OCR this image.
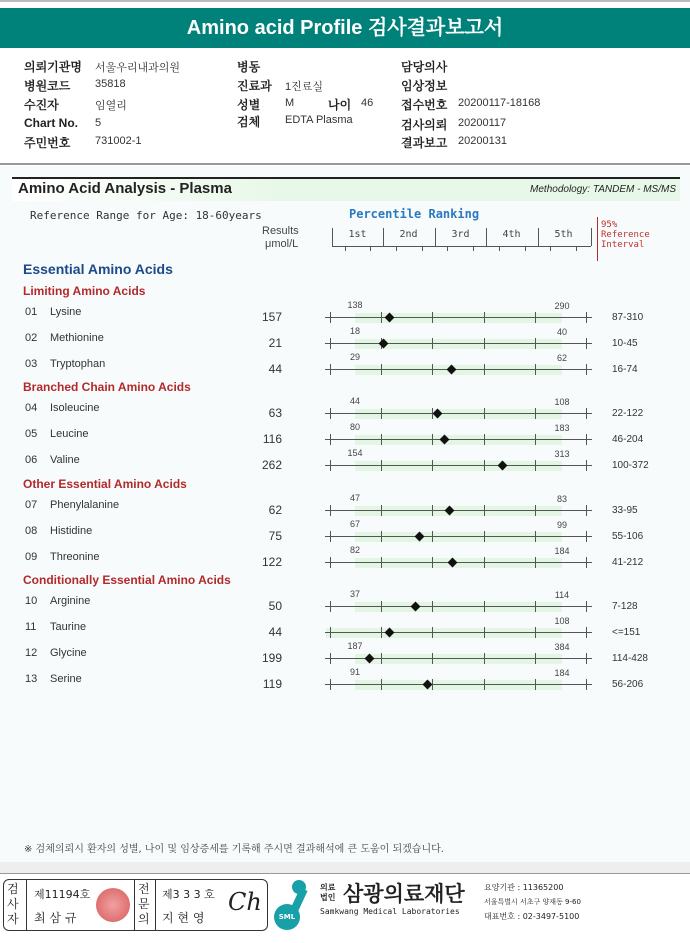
Amino acid Profile 검사결과보고서
의뢰기관명 서울우리내과의원
병원코드 35818
수진자	임열리
Chart No. 5
주민번호 731002-1
병동
진료과 1진료실
성별 M
검체 EDTA Plasma
담당의사
임상정보
접수번호 20200117-18168
검사의뢰 20200117
결과보고 20200131
나이 46
Amino Acid Analysis - Plasma	Methodology: TANDEM - MS/MS
Reference Range for Age: 18-60years	Percentile Ranking
Results
μmol/L
1st	2nd	3rd	4th	5th
95%
Reference
Interval
Essential Amino Acids
Limiting Amino Acids
01 Lysine	157
138	290
87-310
02 Methionine	21
18	40
10-45
03 Tryptophan	44
29	62
16-74
Branched Chain Amino Acids
04 Isoleucine	63
44	108
22-122
05 Leucine	116
80	183
46-204
06 Valine	262
154	313
100-372
Other Essential Amino Acids
07 Phenylalanine	62
47	83
33-95
08 Histidine	75
67	99
55-106
09 Threonine	122
82	184
41-212
Conditionally Essential Amino Acids
10 Arginine	50
37	114
7-128
11 Taurine	44
108
<=151
12 Glycine	199
187	384
114-428
13 Serine	119
91	184
56-206
※ 검체의뢰시 환자의 성별, 나이 및 임상증세를 기록해 주시면 결과해석에 큰 도움이 되겠습니다.
검사자
제11194호
최 삼 규
전문의
제3 3 3 호
지 현 영
Ch
SML
의료법인 삼광의료재단
Samkwang Medical Laboratories
요양기관 : 11365200
서울특별시 서초구 양재동 9-60
대표번호 : 02-3497-5100
